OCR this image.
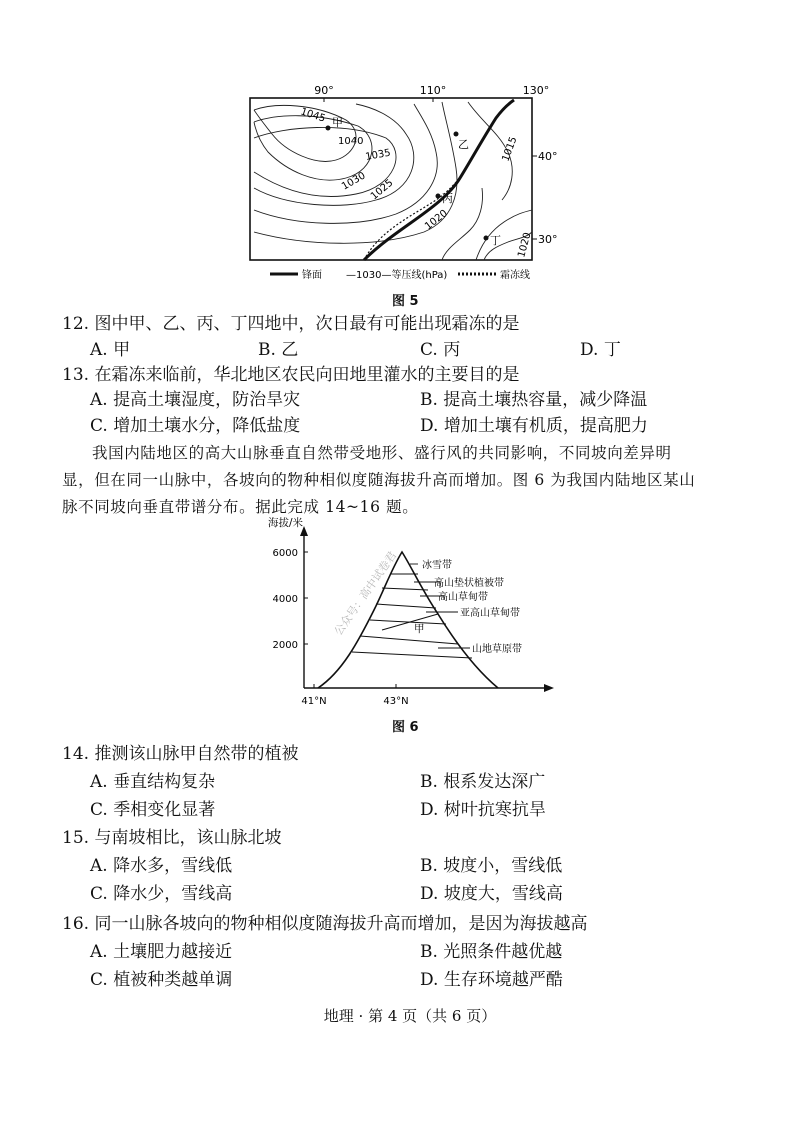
90°	110°	130°
40°
30°
1045
1040
1035
1030 1025
1020
1015
1020
甲
乙
丙
丁
锋面 —1030—等压线(hPa)	霜冻线
图 5
12. 图中甲、乙、丙、丁四地中，次日最有可能出现霜冻的是
A. 甲	B. 乙	C. 丙	D. 丁
13. 在霜冻来临前，华北地区农民向田地里灌水的主要目的是
A. 提高土壤湿度，防治旱灾	B. 提高土壤热容量，减少降温
C. 增加土壤水分，降低盐度	D. 增加土壤有机质，提高肥力
我国内陆地区的高大山脉垂直自然带受地形、盛行风的共同影响，不同坡向差异明
显，但在同一山脉中，各坡向的物种相似度随海拔升高而增加。图 6 为我国内陆地区某山
脉不同坡向垂直带谱分布。据此完成 14~16 题。
海拔/米
6000
4000
2000
41°N	43°N
冰雪带
高山垫状植被带
高山草甸带
亚高山草甸带
山地草原带
甲
公众号：高中试卷君
图 6
14. 推测该山脉甲自然带的植被
A. 垂直结构复杂	B. 根系发达深广
C. 季相变化显著	D. 树叶抗寒抗旱
15. 与南坡相比，该山脉北坡
A. 降水多，雪线低	B. 坡度小，雪线低
C. 降水少，雪线高	D. 坡度大，雪线高
16. 同一山脉各坡向的物种相似度随海拔升高而增加，是因为海拔越高
A. 土壤肥力越接近	B. 光照条件越优越
C. 植被种类越单调	D. 生存环境越严酷
地理 · 第 4 页（共 6 页）
